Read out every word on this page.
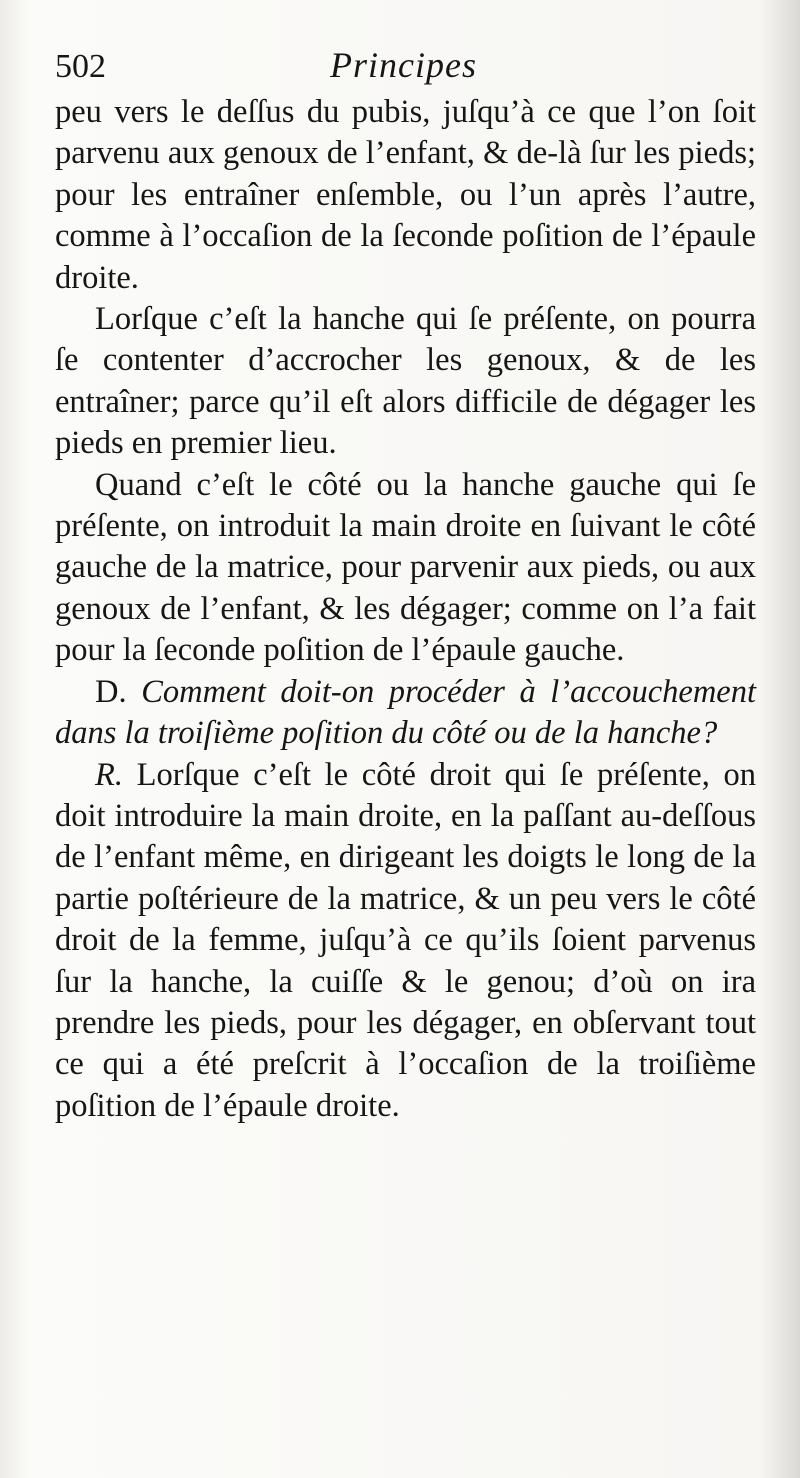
502	Principes

peu vers le deſſus du pubis, juſqu’à ce que l’on ſoit parvenu aux genoux de l’enfant, & de-là ſur les pieds; pour les entraîner enſemble, ou l’un après l’autre, comme à l’occaſion de la ſeconde poſition de l’épaule droite.

Lorſque c’eſt la hanche qui ſe préſente, on pourra ſe contenter d’accrocher les genoux, & de les entraîner; parce qu’il eſt alors difficile de dégager les pieds en premier lieu.

Quand c’eſt le côté ou la hanche gauche qui ſe préſente, on introduit la main droite en ſuivant le côté gauche de la matrice, pour parvenir aux pieds, ou aux genoux de l’enfant, & les dégager; comme on l’a fait pour la ſeconde poſition de l’épaule gauche.

D. Comment doit-on procéder à l’accouchement dans la troiſième poſition du côté ou de la hanche?

R. Lorſque c’eſt le côté droit qui ſe préſente, on doit introduire la main droite, en la paſſant au-deſſous de l’enfant même, en dirigeant les doigts le long de la partie poſtérieure de la matrice, & un peu vers le côté droit de la femme, juſqu’à ce qu’ils ſoient parvenus ſur la hanche, la cuiſſe & le genou; d’où on ira prendre les pieds, pour les dégager, en obſervant tout ce qui a été preſcrit à l’occaſion de la troiſième poſition de l’épaule droite.
